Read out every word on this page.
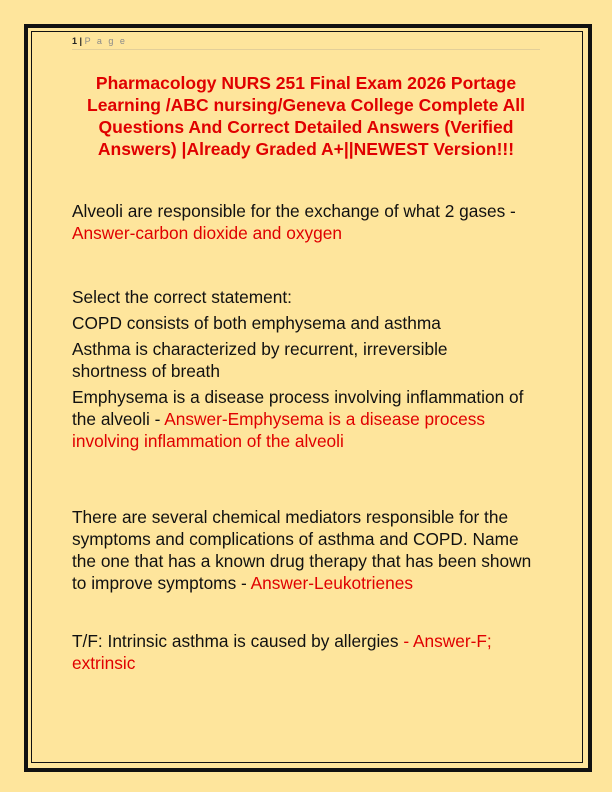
1 | P a g e
Pharmacology NURS 251 Final Exam 2026 Portage Learning /ABC nursing/Geneva College Complete All Questions And Correct Detailed Answers (Verified Answers) |Already Graded A+||NEWEST Version!!!

Alveoli are responsible for the exchange of what 2 gases - Answer-carbon dioxide and oxygen

Select the correct statement:

COPD consists of both emphysema and asthma

Asthma is characterized by recurrent, irreversible shortness of breath

Emphysema is a disease process involving inflammation of the alveoli - Answer-Emphysema is a disease process involving inflammation of the alveoli

There are several chemical mediators responsible for the symptoms and complications of asthma and COPD. Name the one that has a known drug therapy that has been shown to improve symptoms - Answer-Leukotrienes

T/F: Intrinsic asthma is caused by allergies - Answer-F; extrinsic
